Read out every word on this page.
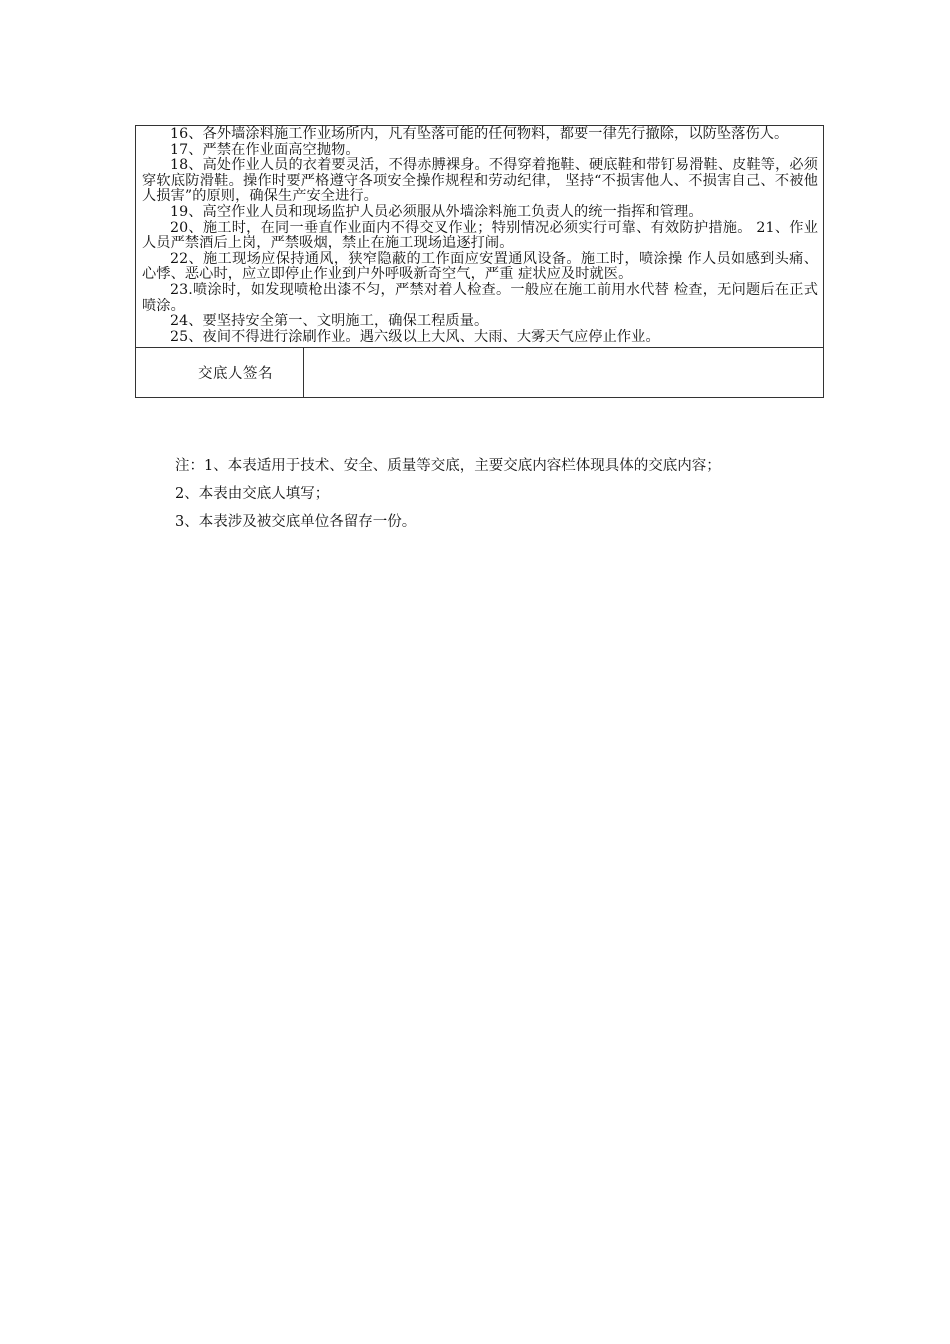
16、各外墙涂料施工作业场所内，凡有坠落可能的任何物料，都要一律先行撤除，以防坠落伤人。

17、严禁在作业面高空抛物。

18、高处作业人员的衣着要灵活，不得赤膊裸身。不得穿着拖鞋、硬底鞋和带钉易滑鞋、皮鞋等，必须穿软底防滑鞋。操作时要严格遵守各项安全操作规程和劳动纪律， 坚持“不损害他人、不损害自己、不被他人损害”的原则，确保生产安全进行。

19、高空作业人员和现场监护人员必须服从外墙涂料施工负责人的统一指挥和管理。

20、施工时，在同一垂直作业面内不得交叉作业；特别情况必须实行可靠、有效防护措施。 21、作业人员严禁酒后上岗，严禁吸烟，禁止在施工现场追逐打闹。

22、施工现场应保持通风，狭窄隐蔽的工作面应安置通风设备。施工时，喷涂操 作人员如感到头痛、心悸、恶心时，应立即停止作业到户外呼吸新奇空气，严重 症状应及时就医。

23.喷涂时，如发现喷枪出漆不匀，严禁对着人检查。一般应在施工前用水代替 检查，无问题后在正式喷涂。

24、要坚持安全第一、文明施工，确保工程质量。

25、夜间不得进行涂刷作业。遇六级以上大风、大雨、大雾天气应停止作业。

交底人签名	

注：1、本表适用于技术、安全、质量等交底，主要交底内容栏体现具体的交底内容；

2、本表由交底人填写；

3、本表涉及被交底单位各留存一份。
